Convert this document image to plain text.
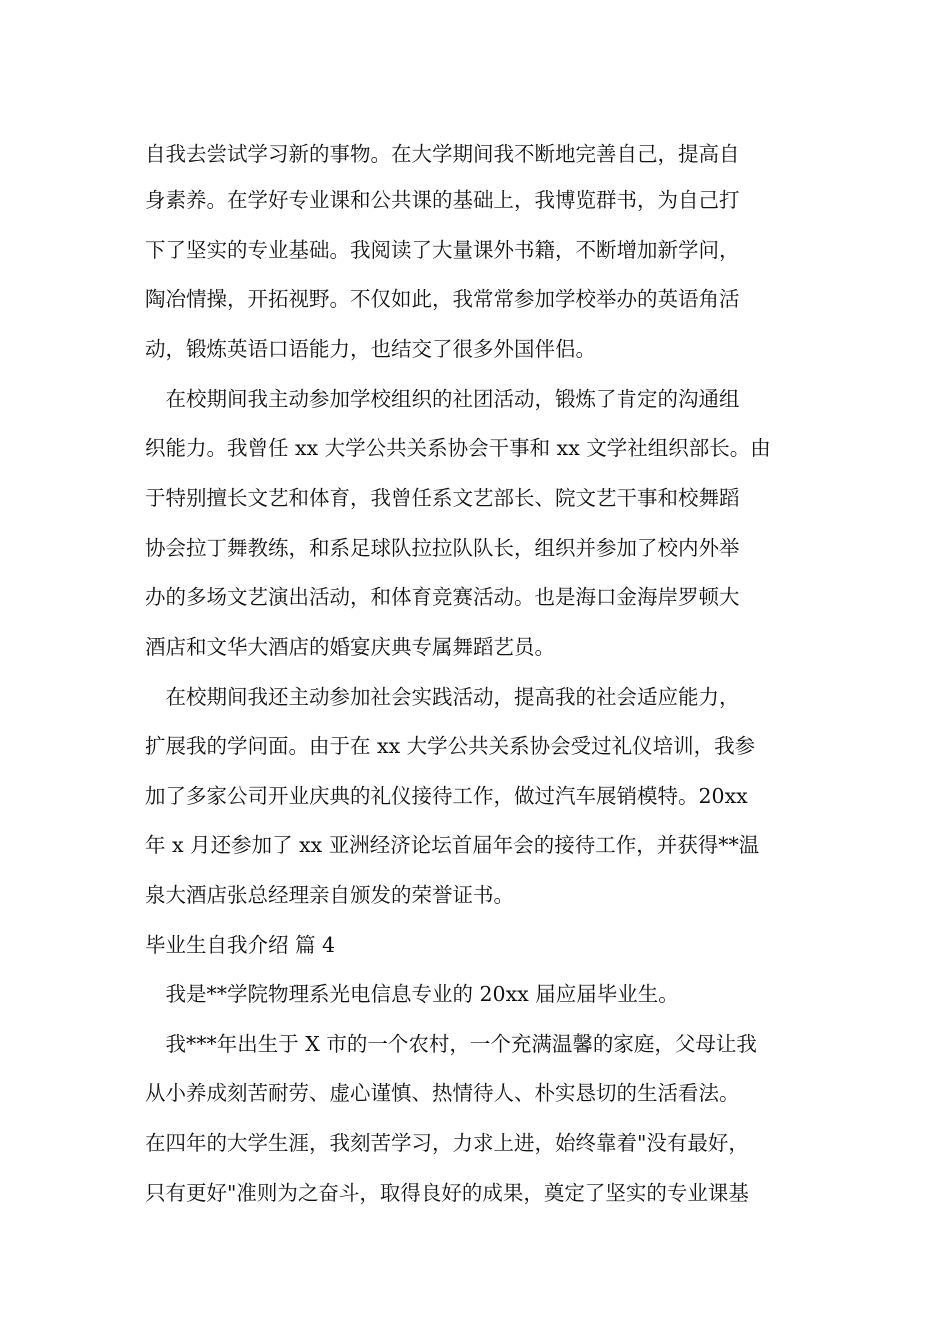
自我去尝试学习新的事物。在大学期间我不断地完善自己，提高自
身素养。在学好专业课和公共课的基础上，我博览群书，为自己打
下了坚实的专业基础。我阅读了大量课外书籍，不断增加新学问，
陶冶情操，开拓视野。不仅如此，我常常参加学校举办的英语角活
动，锻炼英语口语能力，也结交了很多外国伴侣。
　在校期间我主动参加学校组织的社团活动，锻炼了肯定的沟通组
织能力。我曾任 xx 大学公共关系协会干事和 xx 文学社组织部长。由
于特别擅长文艺和体育，我曾任系文艺部长、院文艺干事和校舞蹈
协会拉丁舞教练，和系足球队拉拉队队长，组织并参加了校内外举
办的多场文艺演出活动，和体育竞赛活动。也是海口金海岸罗顿大
酒店和文华大酒店的婚宴庆典专属舞蹈艺员。
　在校期间我还主动参加社会实践活动，提高我的社会适应能力，
扩展我的学问面。由于在 xx 大学公共关系协会受过礼仪培训，我参
加了多家公司开业庆典的礼仪接待工作，做过汽车展销模特。20xx
年 x 月还参加了 xx 亚洲经济论坛首届年会的接待工作，并获得**温
泉大酒店张总经理亲自颁发的荣誉证书。
毕业生自我介绍 篇 4
　我是**学院物理系光电信息专业的 20xx 届应届毕业生。
　我***年出生于 X 市的一个农村，一个充满温馨的家庭，父母让我
从小养成刻苦耐劳、虚心谨慎、热情待人、朴实恳切的生活看法。
在四年的大学生涯，我刻苦学习，力求上进，始终靠着"没有最好，
只有更好"准则为之奋斗，取得良好的成果，奠定了坚实的专业课基
